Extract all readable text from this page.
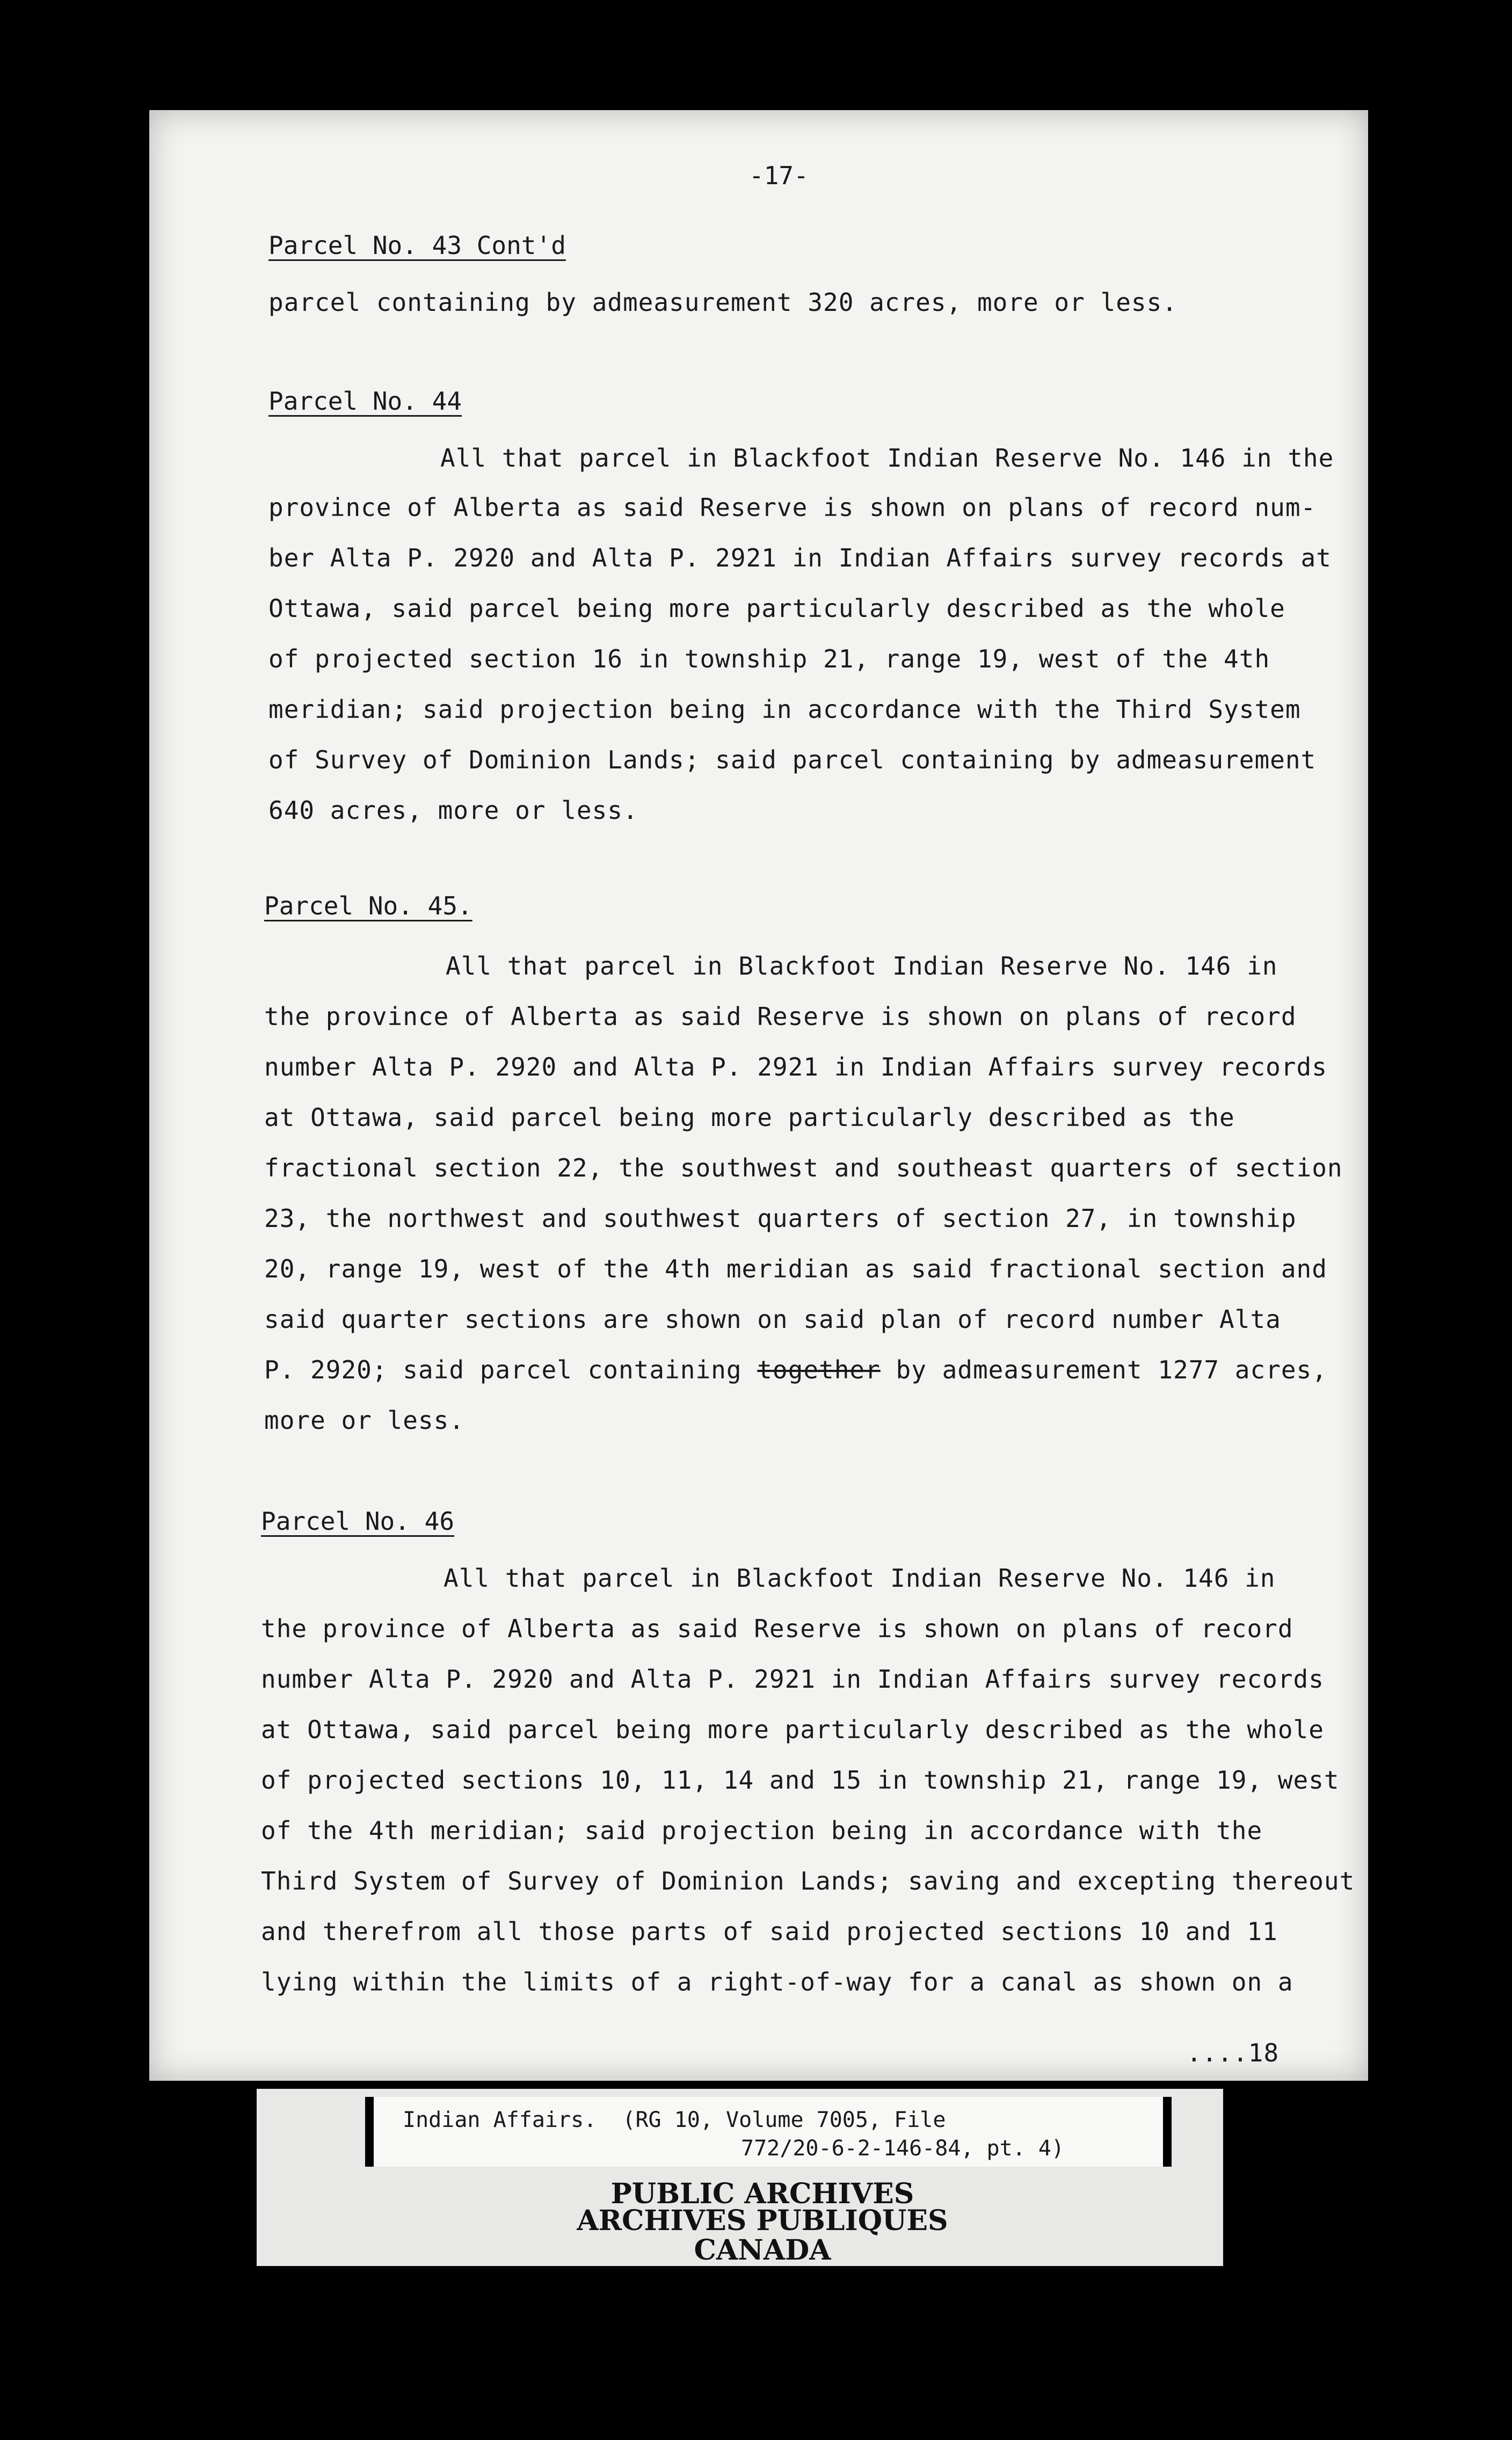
-17-
Parcel No. 43 Cont'd
parcel containing by admeasurement 320 acres, more or less.
Parcel No. 44
All that parcel in Blackfoot Indian Reserve No. 146 in the
province of Alberta as said Reserve is shown on plans of record num-
ber Alta P. 2920 and Alta P. 2921 in Indian Affairs survey records at
Ottawa, said parcel being more particularly described as the whole
of projected section 16 in township 21, range 19, west of the 4th
meridian; said projection being in accordance with the Third System
of Survey of Dominion Lands; said parcel containing by admeasurement
640 acres, more or less.
Parcel No. 45.
All that parcel in Blackfoot Indian Reserve No. 146 in
the province of Alberta as said Reserve is shown on plans of record
number Alta P. 2920 and Alta P. 2921 in Indian Affairs survey records
at Ottawa, said parcel being more particularly described as the
fractional section 22, the southwest and southeast quarters of section
23, the northwest and southwest quarters of section 27, in township
20, range 19, west of the 4th meridian as said fractional section and
said quarter sections are shown on said plan of record number Alta
P. 2920; said parcel containing together by admeasurement 1277 acres,
more or less.
Parcel No. 46
All that parcel in Blackfoot Indian Reserve No. 146 in
the province of Alberta as said Reserve is shown on plans of record
number Alta P. 2920 and Alta P. 2921 in Indian Affairs survey records
at Ottawa, said parcel being more particularly described as the whole
of projected sections 10, 11, 14 and 15 in township 21, range 19, west
of the 4th meridian; said projection being in accordance with the
Third System of Survey of Dominion Lands; saving and excepting thereout
and therefrom all those parts of said projected sections 10 and 11
lying within the limits of a right-of-way for a canal as shown on a
....18
Indian Affairs.  (RG 10, Volume 7005, File
772/20-6-2-146-84, pt. 4)
PUBLIC ARCHIVES
ARCHIVES PUBLIQUES
CANADA
